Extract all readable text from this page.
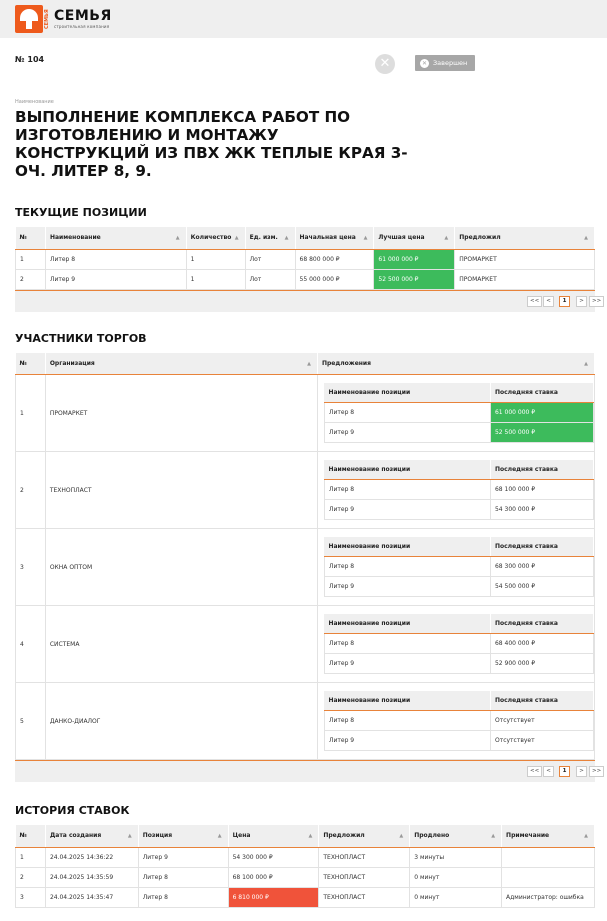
СЕМЬЯ СЕМЬЯ
строительная компания
№ 104	✕	✕ Завершен
Наименование
ВЫПОЛНЕНИЕ КОМПЛЕКСА РАБОТ ПО ИЗГОТОВЛЕНИЮ И МОНТАЖУ КОНСТРУКЦИЙ ИЗ ПВХ ЖК ТЕПЛЫЕ КРАЯ 3-ОЧ. ЛИТЕР 8, 9.
ТЕКУЩИЕ ПОЗИЦИИ
№	Наименование ▲	Количество ▲	Ед. изм. ▲	Начальная цена ▲	Лучшая цена ▲	Предложил ▲

1	Литер 8	1	Лот	68 800 000 ₽	61 000 000 ₽	ПРОМАРКЕТ
2	Литер 9	1	Лот	55 000 000 ₽	52 500 000 ₽	ПРОМАРКЕТ
<<	<	1	>	>>
УЧАСТНИКИ ТОРГОВ
№	Организация	▲	Предложения	▲

1	ПРОМАРКЕТ	
Наименование позиции	Последняя ставка
Литер 8	61 000 000 ₽
Литер 9	52 500 000 ₽

2	ТЕХНОПЛАСТ	
Наименование позиции	Последняя ставка
Литер 8	68 100 000 ₽
Литер 9	54 300 000 ₽

3	ОКНА ОПТОМ	
Наименование позиции	Последняя ставка
Литер 8	68 300 000 ₽
Литер 9	54 500 000 ₽

4	СИСТЕМА	
Наименование позиции	Последняя ставка
Литер 8	68 400 000 ₽
Литер 9	52 900 000 ₽

5	ДАНКО-ДИАЛОГ	
Наименование позиции	Последняя ставка
Литер 8	Отсутствует
Литер 9	Отсутствует
<<	<	1	>	>>
ИСТОРИЯ СТАВОК
№	Дата создания ▲	Позиция ▲	Цена ▲	Предложил ▲	Продлено ▲	Примечание ▲

1	24.04.2025 14:36:22	Литер 9	54 300 000 ₽	ТЕХНОПЛАСТ	3 минуты	
2	24.04.2025 14:35:59	Литер 8	68 100 000 ₽	ТЕХНОПЛАСТ	0 минут	
3	24.04.2025 14:35:47	Литер 8	6 810 000 ₽	ТЕХНОПЛАСТ	0 минут	Администратор: ошибка
